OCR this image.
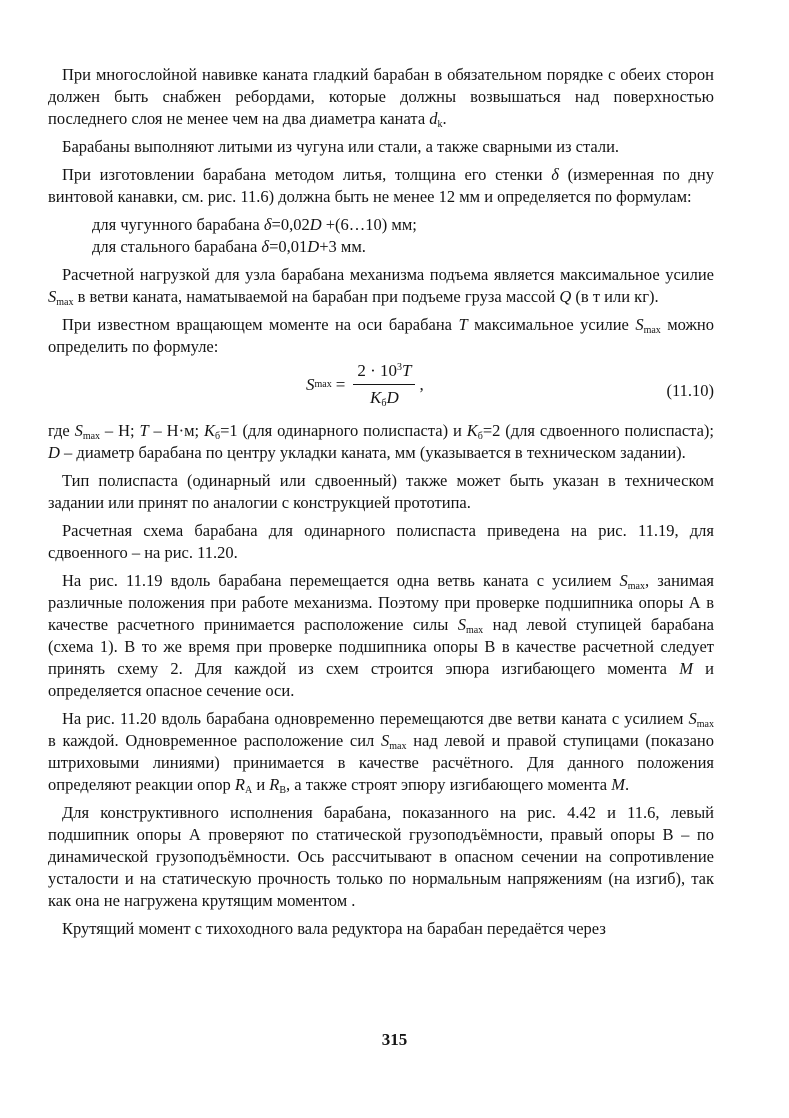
При многослойной навивке каната гладкий барабан в обязательном порядке с обеих сторон должен быть снабжен ребордами, которые должны возвышаться над поверхностью последнего слоя не менее чем на два диаметра каната $d_k$.

Барабаны выполняют литыми из чугуна или стали, а также сварными из стали.

При изготовлении барабана методом литья, толщина его стенки δ (измеренная по дну винтовой канавки, см. рис. 11.6) должна быть не менее 12 мм и определяется по формулам:

для чугунного барабана δ=0,02D +(6…10) мм;

для стального барабана δ=0,01D+3 мм.

Расчетной нагрузкой для узла барабана механизма подъема является максимальное усилие $S_{max}$ в ветви каната, наматываемой на барабан при подъеме груза массой Q (в т или кг).

При известном вращающем моменте на оси барабана T максимальное усилие $S_{max}$ можно определить по формуле:

S $\max = \frac{2 \cdot 10^3T}{K_бD}$ ,	(11.10)

где $S_{max}$ – Н; T – Н·м; $K_б=1$ (для одинарного полиспаста) и $K_б=2$ (для сдвоенного полиспаста); D – диаметр барабана по центру укладки каната, мм (указывается в техническом задании).

Тип полиспаста (одинарный или сдвоенный) также может быть указан в техническом задании или принят по аналогии с конструкцией прототипа.

Расчетная схема барабана для одинарного полиспаста приведена на рис. 11.19, для сдвоенного – на рис. 11.20.

На рис. 11.19 вдоль барабана перемещается одна ветвь каната с усилием $S_{max}$, занимая различные положения при работе механизма. Поэтому при проверке подшипника опоры А в качестве расчетного принимается расположение силы $S_{max}$ над левой ступицей барабана (схема 1). В то же время при проверке подшипника опоры В в качестве расчетной следует принять схему 2. Для каждой из схем строится эпюра изгибающего момента M и определяется опасное сечение оси.

На рис. 11.20 вдоль барабана одновременно перемещаются две ветви каната с усилием $S_{max}$ в каждой. Одновременное расположение сил $S_{max}$ над левой и правой ступицами (показано штриховыми линиями) принимается в качестве расчётного. Для данного положения определяют реакции опор $R_A$ и $R_B$, а также строят эпюру изгибающего момента M.

Для конструктивного исполнения барабана, показанного на рис. 4.42 и 11.6, левый подшипник опоры А проверяют по статической грузоподъёмности, правый опоры В – по динамической грузоподъёмности. Ось рассчитывают в опасном сечении на сопротивление усталости и на статическую прочность только по нормальным напряжениям (на изгиб), так как она не нагружена крутящим моментом .

Крутящий момент с тихоходного вала редуктора на барабан передаётся через

315
